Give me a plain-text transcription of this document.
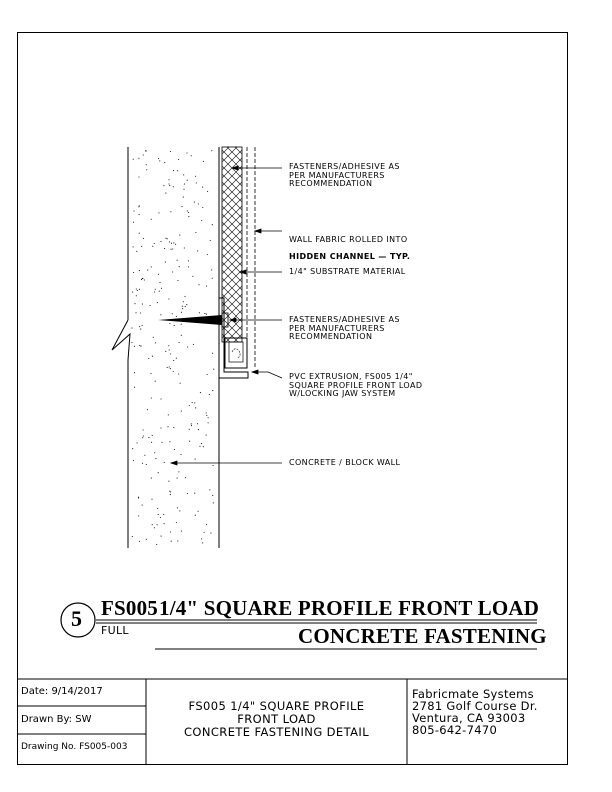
FASTENERS/ADHESIVE AS
PER MANUFACTURERS
RECOMMENDATION

WALL FABRIC ROLLED INTO

HIDDEN CHANNEL — TYP.

1/4" SUBSTRATE MATERIAL
FASTENERS/ADHESIVE AS
PER MANUFACTURERS
RECOMMENDATION
PVC EXTRUSION, FS005 1/4"
SQUARE PROFILE FRONT LOAD
W/LOCKING JAW SYSTEM
CONCRETE / BLOCK WALL
5 FS005 1/4" SQUARE PROFILE FRONT LOAD
CONCRETE FASTENING
FULL
Date: 9/14/2017
Drawn By: SW
Drawing No. FS005-003
FS005 1/4" SQUARE PROFILE
FRONT LOAD
CONCRETE FASTENING DETAIL
Fabricmate Systems
2781 Golf Course Dr.
Ventura, CA 93003
805-642-7470
